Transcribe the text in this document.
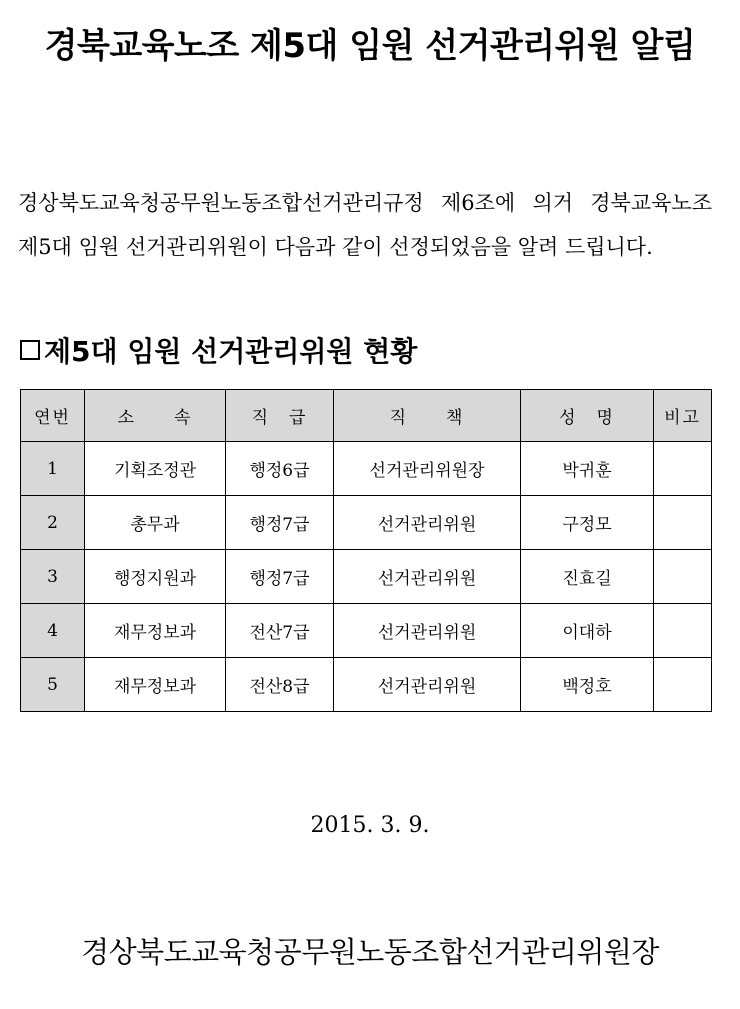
경북교육노조 제5대 임원 선거관리위원 알림

경상북도교육청공무원노동조합선거관리규정 제6조에 의거 경북교육노조 제5대 임원 선거관리위원이 다음과 같이 선정되었음을 알려 드립니다.

제5대 임원 선거관리위원 현황
연번	소　　속	직　급	직　　책	성　명	비고
1	기획조정관	행정6급	선거관리위원장	박귀훈	
2	총무과	행정7급	선거관리위원	구정모	
3	행정지원과	행정7급	선거관리위원	진효길	
4	재무정보과	전산7급	선거관리위원	이대하	
5	재무정보과	전산8급	선거관리위원	백정호	
2015. 3. 9.
경상북도교육청공무원노동조합선거관리위원장
